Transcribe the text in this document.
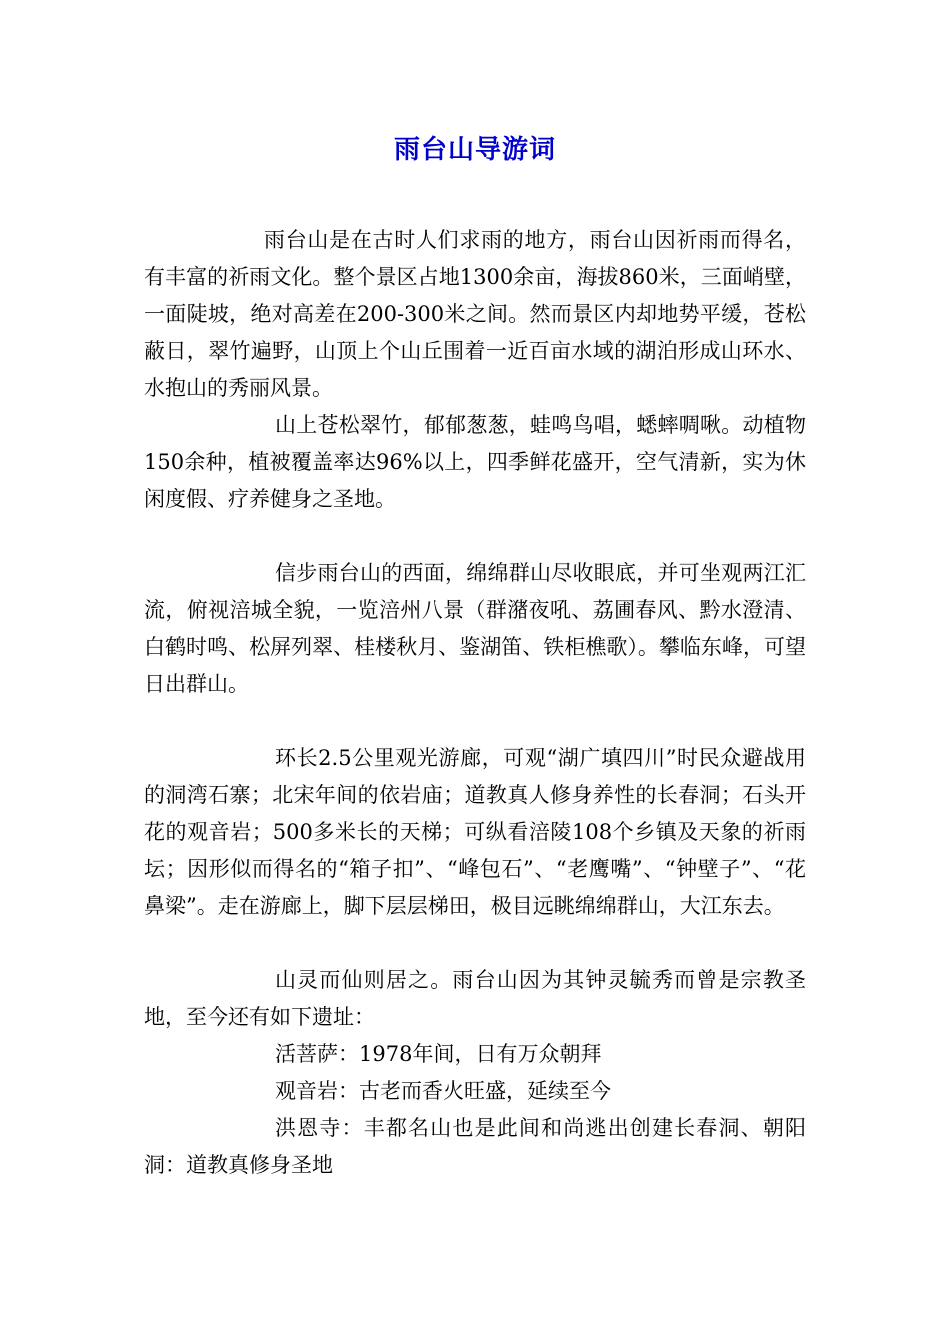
雨台山导游词

雨台山是在古时人们求雨的地方，雨台山因祈雨而得名，有丰富的祈雨文化。整个景区占地1300余亩，海拔860米，三面峭壁，一面陡坡，绝对高差在200-300米之间。然而景区内却地势平缓，苍松蔽日，翠竹遍野，山顶上个山丘围着一近百亩水域的湖泊形成山环水、水抱山的秀丽风景。

山上苍松翠竹，郁郁葱葱，蛙鸣鸟唱，蟋蟀啁啾。动植物150余种，植被覆盖率达96%以上，四季鲜花盛开，空气清新，实为休闲度假、疗养健身之圣地。

信步雨台山的西面，绵绵群山尽收眼底，并可坐观两江汇流，俯视涪城全貌，一览涪州八景（群潴夜吼、荔圃春风、黔水澄清、白鹤时鸣、松屏列翠、桂楼秋月、鉴湖笛、铁柜樵歌）。攀临东峰，可望日出群山。

环长2.5公里观光游廊，可观“湖广填四川”时民众避战用的洞湾石寨；北宋年间的依岩庙；道教真人修身养性的长春洞；石头开花的观音岩；500多米长的天梯；可纵看涪陵108个乡镇及天象的祈雨坛；因形似而得名的“箱子扣”、“峰包石”、“老鹰嘴”、“钟壁子”、“花鼻梁”。走在游廊上，脚下层层梯田，极目远眺绵绵群山，大江东去。

山灵而仙则居之。雨台山因为其钟灵毓秀而曾是宗教圣地，至今还有如下遗址：

活菩萨：1978年间，日有万众朝拜

观音岩：古老而香火旺盛，延续至今

洪恩寺：丰都名山也是此间和尚逃出创建长春洞、朝阳洞：道教真修身圣地
